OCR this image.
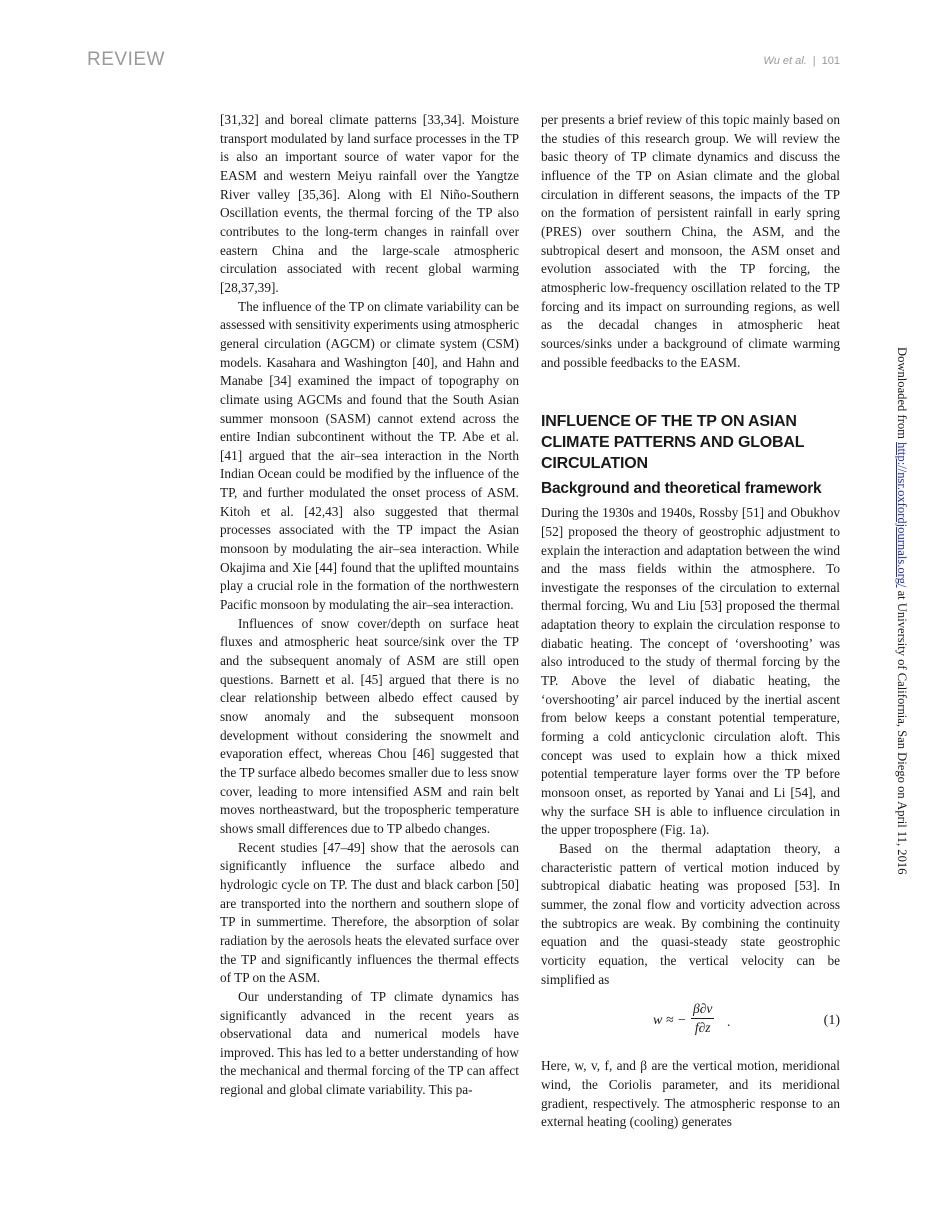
REVIEW	Wu et al. | 101

[31,32] and boreal climate patterns [33,34]. Moisture transport modulated by land surface processes in the TP is also an important source of water vapor for the EASM and western Meiyu rainfall over the Yangtze River valley [35,36]. Along with El Niño-Southern Oscillation events, the thermal forcing of the TP also contributes to the long-term changes in rainfall over eastern China and the large-scale atmospheric circulation associated with recent global warming [28,37,39].

The influence of the TP on climate variability can be assessed with sensitivity experiments using atmospheric general circulation (AGCM) or climate system (CSM) models. Kasahara and Washington [40], and Hahn and Manabe [34] examined the impact of topography on climate using AGCMs and found that the South Asian summer monsoon (SASM) cannot extend across the entire Indian subcontinent without the TP. Abe et al. [41] argued that the air–sea interaction in the North Indian Ocean could be modified by the influence of the TP, and further modulated the onset process of ASM. Kitoh et al. [42,43] also suggested that thermal processes associated with the TP impact the Asian monsoon by modulating the air–sea interaction. While Okajima and Xie [44] found that the uplifted mountains play a crucial role in the formation of the northwestern Pacific monsoon by modulating the air–sea interaction.

Influences of snow cover/depth on surface heat fluxes and atmospheric heat source/sink over the TP and the subsequent anomaly of ASM are still open questions. Barnett et al. [45] argued that there is no clear relationship between albedo effect caused by snow anomaly and the subsequent monsoon development without considering the snowmelt and evaporation effect, whereas Chou [46] suggested that the TP surface albedo becomes smaller due to less snow cover, leading to more intensified ASM and rain belt moves northeastward, but the tropospheric temperature shows small differences due to TP albedo changes.

Recent studies [47–49] show that the aerosols can significantly influence the surface albedo and hydrologic cycle on TP. The dust and black carbon [50] are transported into the northern and southern slope of TP in summertime. Therefore, the absorption of solar radiation by the aerosols heats the elevated surface over the TP and significantly influences the thermal effects of TP on the ASM.

Our understanding of TP climate dynamics has significantly advanced in the recent years as observational data and numerical models have improved. This has led to a better understanding of how the mechanical and thermal forcing of the TP can affect regional and global climate variability. This pa-

per presents a brief review of this topic mainly based on the studies of this research group. We will review the basic theory of TP climate dynamics and discuss the influence of the TP on Asian climate and the global circulation in different seasons, the impacts of the TP on the formation of persistent rainfall in early spring (PRES) over southern China, the ASM, and the subtropical desert and monsoon, the ASM onset and evolution associated with the TP forcing, the atmospheric low-frequency oscillation related to the TP forcing and its impact on surrounding regions, as well as the decadal changes in atmospheric heat sources/sinks under a background of climate warming and possible feedbacks to the EASM.

INFLUENCE OF THE TP ON ASIAN CLIMATE PATTERNS AND GLOBAL CIRCULATION
Background and theoretical framework

During the 1930s and 1940s, Rossby [51] and Obukhov [52] proposed the theory of geostrophic adjustment to explain the interaction and adaptation between the wind and the mass fields within the atmosphere. To investigate the responses of the circulation to external thermal forcing, Wu and Liu [53] proposed the thermal adaptation theory to explain the circulation response to diabatic heating. The concept of ‘overshooting’ was also introduced to the study of thermal forcing by the TP. Above the level of diabatic heating, the ‘overshooting’ air parcel induced by the inertial ascent from below keeps a constant potential temperature, forming a cold anticyclonic circulation aloft. This concept was used to explain how a thick mixed potential temperature layer forms over the TP before monsoon onset, as reported by Yanai and Li [54], and why the surface SH is able to influence circulation in the upper troposphere (Fig. 1a).

Based on the thermal adaptation theory, a characteristic pattern of vertical motion induced by subtropical diabatic heating was proposed [53]. In summer, the zonal flow and vorticity advection across the subtropics are weak. By combining the continuity equation and the quasi-steady state geostrophic vorticity equation, the vertical velocity can be simplified as

w ≈ − $\frac{\beta\partial v}{f\partial z}$ .	(1)

Here, w, v, f, and β are the vertical motion, meridional wind, the Coriolis parameter, and its meridional gradient, respectively. The atmospheric response to an external heating (cooling) generates

Downloaded from http://nsr.oxfordjournals.org/ at University of California, San Diego on April 11, 2016
